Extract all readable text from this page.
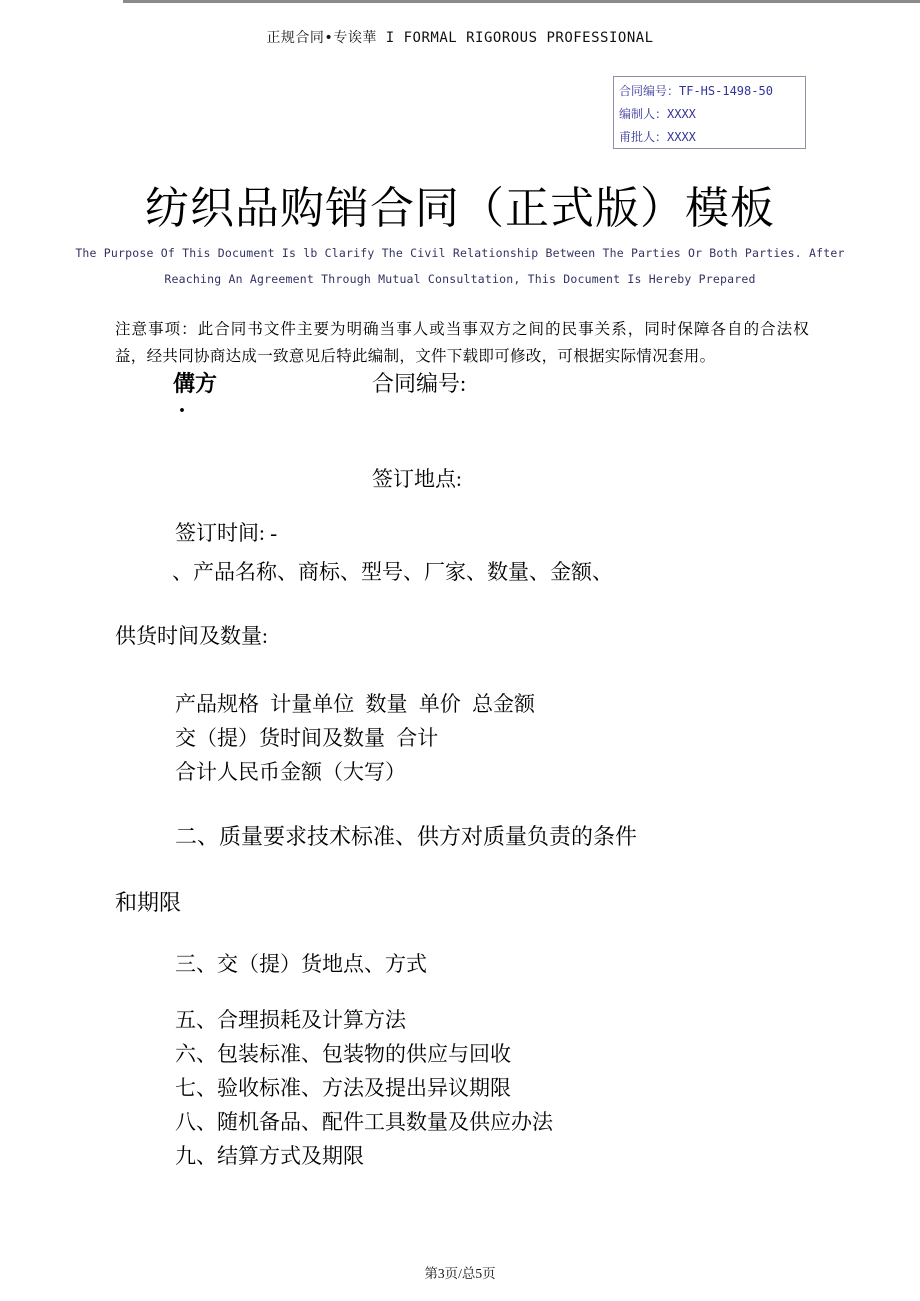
正规合同•专诶華 I FORMAL RIGOROUS PROFESSIONAL
合同编号：TF-HS-1498-50
编制人：XXXX
甫批人：XXXX
纺织品购销合同（正式版）模板
The Purpose Of This Document Is lb Clarify The Civil Relationship Between The Parties Or Both Parties. After
Reaching An Agreement Through Mutual Consultation, This Document Is Hereby Prepared
注意事项：此合同书文件主要为明确当事人或当事双方之间的民事关系，同时保障各自的合法权益，经共同协商达成一致意见后特此编制，文件下载即可修改，可根据实际情况套用。
傋方	合同编号:
·
签订地点:
签订时间: -
、产品名称、商标、型号、厂家、数量、金额、
供货时间及数量:
产品规格 计量单位 数量 单价 总金额
交（提）货时间及数量 合计
合计人民币金额（大写）
二、质量要求技术标准、供方对质量负责的条件
和期限
三、交（提）货地点、方式
五、合理损耗及计算方法
六、包装标准、包装物的供应与回收
七、验收标准、方法及提出异议期限
八、随机备品、配件工具数量及供应办法
九、结算方式及期限
第3页/总5页
